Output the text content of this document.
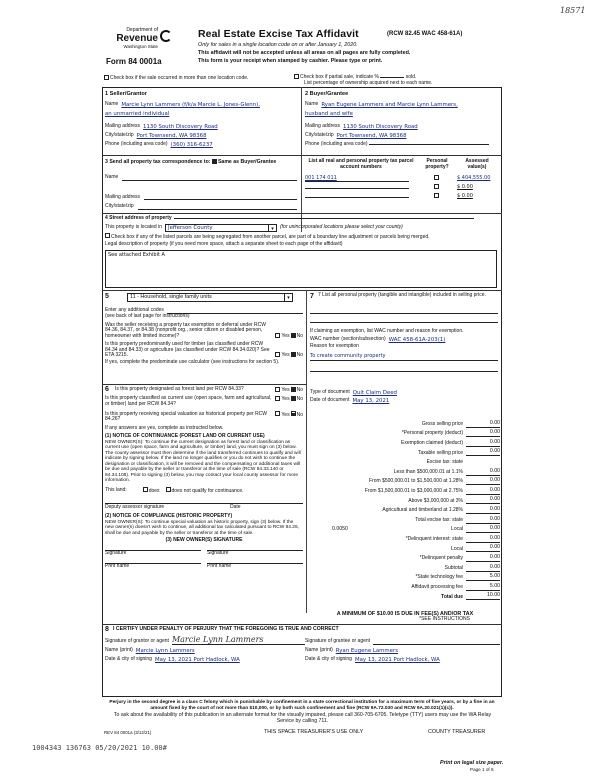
18571
Department of
Revenue
Washington State
Form 84 0001a
Real Estate Excise Tax Affidavit	(RCW 82.45 WAC 458-61A)
Only for sales in a single location code on or after January 1, 2020.
This affidavit will not be accepted unless all areas on all pages are fully completed.
This form is your receipt when stamped by cashier. Please type or print.
Check box if the sale occurred in more than one location code.	Check box if partial sale, indicate %	sold.
List percentage of ownership acquired next to each name.
1 Seller/Grantor
Name Marcie Lynn Lammers (f/k/a Marcie L. Jones-Glenn),
an unmarried individual
Mailing address 1130 South Discovery Road
City/state/zip Port Townsend, WA 98368
Phone (including area code) (360) 316-6237
2 Buyer/Grantee
Name Ryan Eugene Lammers and Marcie Lynn Lammers,
husband and wife
Mailing address 1130 South Discovery Road
City/state/zip Port Townsend, WA 98368
Phone (including area code)
3 Send all property tax correspondence to: Same as Buyer/Grantee
Name
Mailing address
City/state/zip
List all real and personal property tax parcel account numbers
Personal property?
Assessed value(s)
001 174 011	$ 404,555.00
$ 0.00
$ 0.00
4 Street address of property
This property is located in	Jefferson County	▾	(for unincorporated locations please select your county)
Check box if any of the listed parcels are being segregated from another parcel, are part of a boundary line adjustment or parcels being merged.
Legal description of property (if you need more space, attach a separate sheet to each page of the affidavit)
See attached Exhibit A
5	11 - Household, single family units	▾
Enter any additional codes
(see back of last page for instructions)
Was the seller receiving a property tax exemption or deferral under RCW 84.36, 84.37, or 84.38 (nonprofit org., senior citizen or disabled person, homeowner with limited income)?	Yes No
Is this property predominantly used for timber (as classified under RCW 84.34 and 84.33) or agriculture (as classified under RCW 84.34.020)? See ETA 3215.	Yes No
If yes, complete the predominate use calculator (see instructions for section 5).
6	Is this property designated as forest land per RCW 84.33?	Yes No
Is this property classified as current use (open space, farm and agricultural, or timber) land per RCW 84.34?
Yes No
Is this property receiving special valuation as historical property per RCW 84.26?
Yes No
If any answers are yes, complete as instructed below.
(1) NOTICE OF CONTINUANCE (FOREST LAND OR CURRENT USE)
NEW OWNER(S): To continue the current designation as forest land or classification as current use (open space, farm and agriculture, or timber) land, you must sign on (3) below. The county assessor must then determine if the land transferred continues to qualify and will indicate by signing below. If the land no longer qualifies or you do not wish to continue the designation or classification, it will be removed and the compensating or additional taxes will be due and payable by the seller or transferor at the time of sale (RCW 84.33.140 or 84.34.108). Prior to signing (3) below, you may contact your local county assessor for more information.
This land:	does	does not qualify for continuance.
Deputy assessor signature	Date
(2) NOTICE OF COMPLIANCE (HISTORIC PROPERTY)
NEW OWNER(S): To continue special valuation as historic property, sign (3) below. If the new owner(s) doesn't wish to continue, all additional tax calculated pursuant to RCW 84.26, shall be due and payable by the seller or transferor at the time of sale.
(3) NEW OWNER(S) SIGNATURE
Signature	Signature
Print name	Print name
7 7 List all personal property (tangible and intangible) included in selling price.
If claiming an exemption, list WAC number and reason for exemption.
WAC number (section/subsection) WAC 458-61A-203(1)
Reason for exemption
To create community property
Type of document Quit Claim Deed
Date of document May 13, 2021
Gross selling price	0.00
*Personal property (deduct)	0.00
Exemption claimed (deduct)	0.00
Taxable selling price	0.00
Excise tax: state
Less than $500,000.01 at 1.1%	0.00
From $500,000.01 to $1,500,000 at 1.28%	0.00
From $1,500,000.01 to $3,000,000 at 2.75%	0.00
Above $3,000,000 at 3%	0.00
Agricultural and timberland at 1.28%	0.00
Total excise tax: state	0.00
Local
0.0050	0.00
*Delinquent interest: state	0.00
Local	0.00
*Delinquent penalty	0.00
Subtotal	0.00
*State technology fee	5.00
Affidavit processing fee	5.00
Total due	10.00
A MINIMUM OF $10.00 IS DUE IN FEE(S) AND/OR TAX
*SEE INSTRUCTIONS
8 I CERTIFY UNDER PENALTY OF PERJURY THAT THE FOREGOING IS TRUE AND CORRECT
Signature of grantor or agent Marcie Lynn Lammers	Signature of grantee or agent
Name (print) Marcie Lynn Lammers	Name (print) Ryan Eugene Lammers
Date & city of signing May 13, 2021 Port Hadlock, WA	Date & city of signing May 13, 2021 Port Hadlock, WA
Perjury in the second degree is a class C felony which is punishable by confinement in a state correctional institution for a maximum term of five years, or by a fine in an amount fixed by the court of not more than $10,000, or by both such confinement and fine (RCW 9A.72.030 and RCW 9A.20.021(1)(c)).
To ask about the availability of this publication in an alternate format for the visually impaired, please call 360-705-6705. Teletype (TTY) users may use the WA Relay Service by calling 711.
REV 84 0001a (3/12/21)	THIS SPACE TREASURER'S USE ONLY	COUNTY TREASURER
1004343 136763 05/20/2021 10.00#
Print on legal size paper.
Page 1 of 6
